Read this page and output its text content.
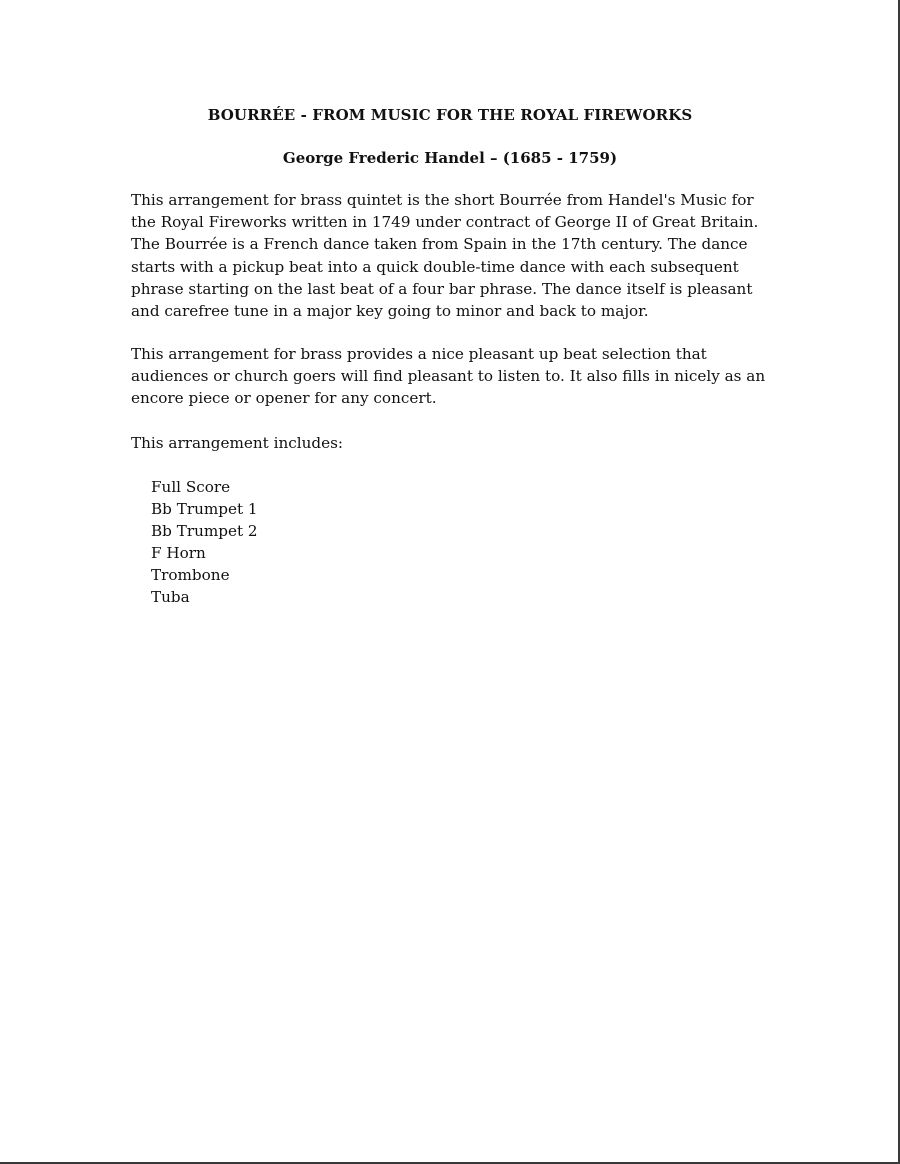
BOURRÉE - FROM MUSIC FOR THE ROYAL FIREWORKS
George Frederic Handel – (1685 - 1759)

This arrangement for brass quintet is the short Bourrée from Handel's Music for
the Royal Fireworks written in 1749 under contract of George II of Great Britain.
The Bourrée is a French dance taken from Spain in the 17th century. The dance
starts with a pickup beat into a quick double-time dance with each subsequent
phrase starting on the last beat of a four bar phrase. The dance itself is pleasant
and carefree tune in a major key going to minor and back to major.

This arrangement for brass provides a nice pleasant up beat selection that
audiences or church goers will find pleasant to listen to. It also fills in nicely as an
encore piece or opener for any concert.

This arrangement includes:

Full Score
Bb Trumpet 1
Bb Trumpet 2
F Horn
Trombone
Tuba
